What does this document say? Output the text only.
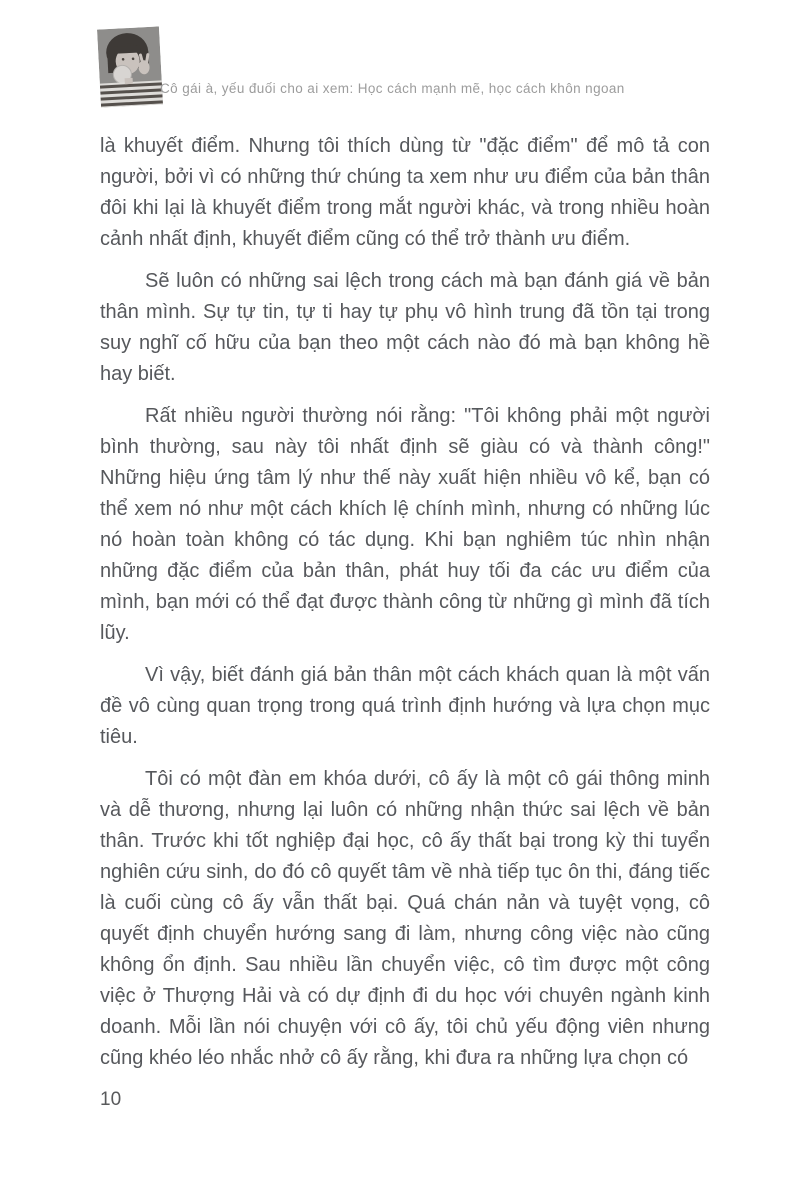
Cô gái à, yếu đuối cho ai xem: Học cách mạnh mẽ, học cách khôn ngoan

là khuyết điểm. Nhưng tôi thích dùng từ "đặc điểm" để mô tả con người, bởi vì có những thứ chúng ta xem như ưu điểm của bản thân đôi khi lại là khuyết điểm trong mắt người khác, và trong nhiều hoàn cảnh nhất định, khuyết điểm cũng có thể trở thành ưu điểm.

Sẽ luôn có những sai lệch trong cách mà bạn đánh giá về bản thân mình. Sự tự tin, tự ti hay tự phụ vô hình trung đã tồn tại trong suy nghĩ cố hữu của bạn theo một cách nào đó mà bạn không hề hay biết.

Rất nhiều người thường nói rằng: "Tôi không phải một người bình thường, sau này tôi nhất định sẽ giàu có và thành công!" Những hiệu ứng tâm lý như thế này xuất hiện nhiều vô kể, bạn có thể xem nó như một cách khích lệ chính mình, nhưng có những lúc nó hoàn toàn không có tác dụng. Khi bạn nghiêm túc nhìn nhận những đặc điểm của bản thân, phát huy tối đa các ưu điểm của mình, bạn mới có thể đạt được thành công từ những gì mình đã tích lũy.

Vì vậy, biết đánh giá bản thân một cách khách quan là một vấn đề vô cùng quan trọng trong quá trình định hướng và lựa chọn mục tiêu.

Tôi có một đàn em khóa dưới, cô ấy là một cô gái thông minh và dễ thương, nhưng lại luôn có những nhận thức sai lệch về bản thân. Trước khi tốt nghiệp đại học, cô ấy thất bại trong kỳ thi tuyển nghiên cứu sinh, do đó cô quyết tâm về nhà tiếp tục ôn thi, đáng tiếc là cuối cùng cô ấy vẫn thất bại. Quá chán nản và tuyệt vọng, cô quyết định chuyển hướng sang đi làm, nhưng công việc nào cũng không ổn định. Sau nhiều lần chuyển việc, cô tìm được một công việc ở Thượng Hải và có dự định đi du học với chuyên ngành kinh doanh. Mỗi lần nói chuyện với cô ấy, tôi chủ yếu động viên nhưng cũng khéo léo nhắc nhở cô ấy rằng, khi đưa ra những lựa chọn có

10
